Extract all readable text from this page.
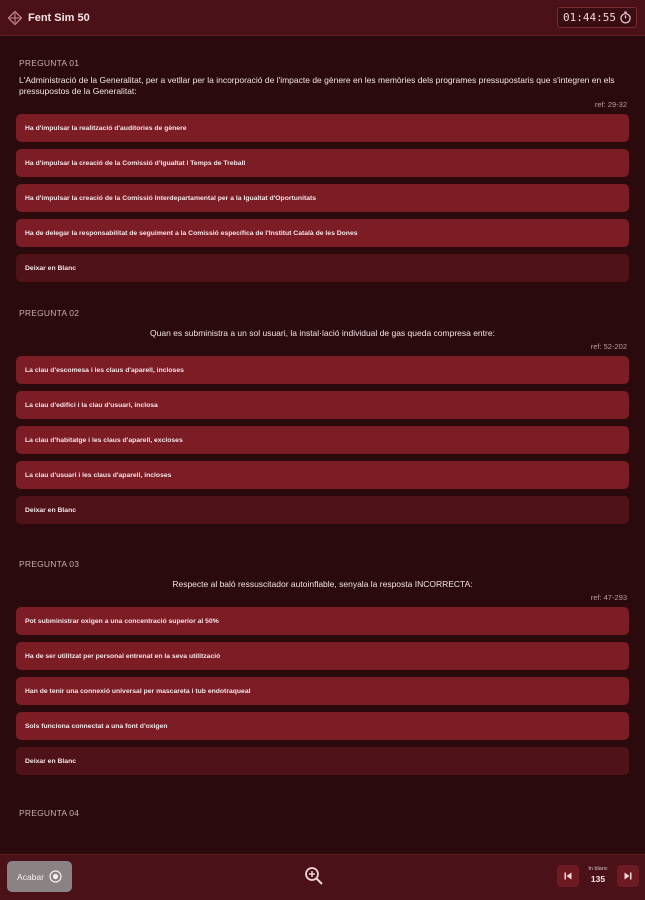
Fent Sim 50	01:44:55
PREGUNTA 01
L'Administració de la Generalitat, per a vetllar per la incorporació de l'impacte de gènere en les memòries dels programes pressupostaris que s'integren en els pressupostos de la Generalitat:
ref: 29-32
Ha d'impulsar la realització d'auditories de gènere
Ha d'impulsar la creació de la Comissió d'Igualtat i Temps de Treball
Ha d'impulsar la creació de la Comissió Interdepartamental per a la Igualtat d'Oportunitats
Ha de delegar la responsabilitat de seguiment a la Comissió específica de l'Institut Català de les Dones
Deixar en Blanc
PREGUNTA 02
Quan es subministra a un sol usuari, la instal·lació individual de gas queda compresa entre:
ref: 52-202
La clau d'escomesa i les claus d'aparell, incloses
La clau d'edifici i la clau d'usuari, inclosa
La clau d'habitatge i les claus d'aparell, excloses
La clau d'usuari i les claus d'aparell, incloses
Deixar en Blanc
PREGUNTA 03
Respecte al baló ressuscitador autoinflable, senyala la resposta INCORRECTA:
ref: 47-293
Pot subministrar oxigen a una concentració superior al 50%
Ha de ser utilitzat per personal entrenat en la seva utilització
Han de tenir una connexió universal per mascareta i tub endotraqueal
Sols funciona connectat a una font d'oxigen
Deixar en Blanc
PREGUNTA 04
Acabar
In blanc
135
